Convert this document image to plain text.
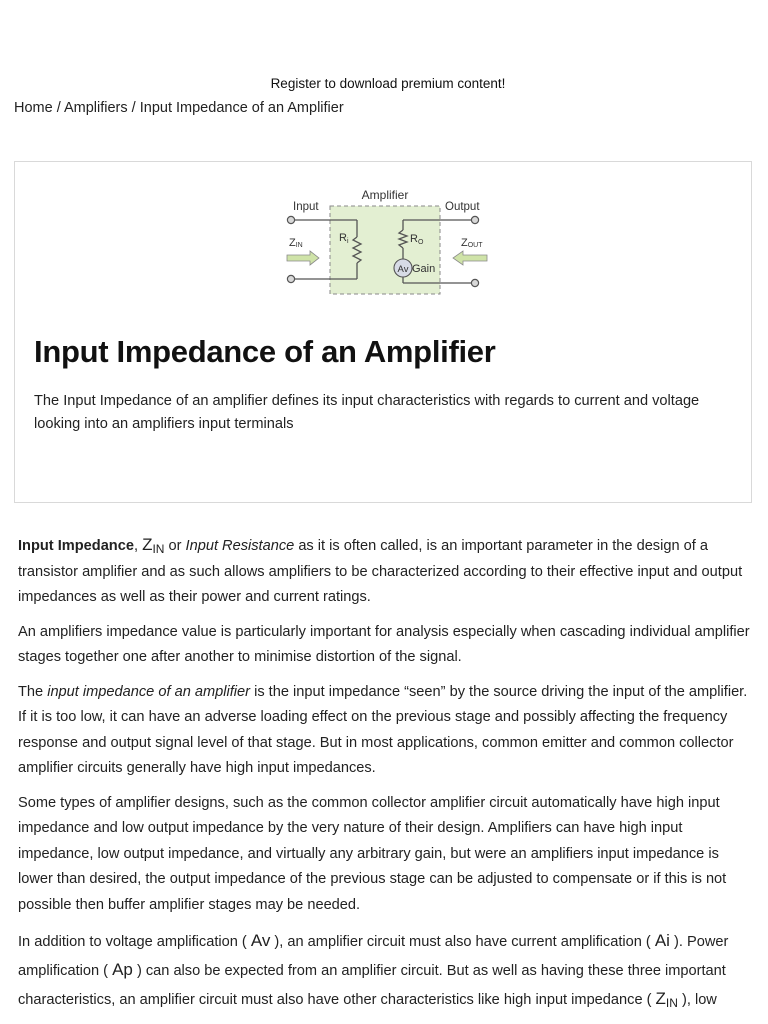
Register to download premium content!
Home / Amplifiers / Input Impedance of an Amplifier
Amplifier
Input	Output
Ri
ZIN
Av Gain
RO	ZOUT
Input Impedance of an Amplifier

The Input Impedance of an amplifier defines its input characteristics with regards to current and voltage looking into an amplifiers input terminals

Input Impedance, $Z_{IN}$ or Input Resistance as it is often called, is an important parameter in the design of a transistor amplifier and as such allows amplifiers to be characterized according to their effective input and output impedances as well as their power and current ratings.

An amplifiers impedance value is particularly important for analysis especially when cascading individual amplifier stages together one after another to minimise distortion of the signal.

The input impedance of an amplifier is the input impedance “seen” by the source driving the input of the amplifier. If it is too low, it can have an adverse loading effect on the previous stage and possibly affecting the frequency response and output signal level of that stage. But in most applications, common emitter and common collector amplifier circuits generally have high input impedances.

Some types of amplifier designs, such as the common collector amplifier circuit automatically have high input impedance and low output impedance by the very nature of their design. Amplifiers can have high input impedance, low output impedance, and virtually any arbitrary gain, but were an amplifiers input impedance is lower than desired, the output impedance of the previous stage can be adjusted to compensate or if this is not possible then buffer amplifier stages may be needed.

In addition to voltage amplification ( Av ), an amplifier circuit must also have current amplification ( Ai ). Power amplification ( Ap ) can also be expected from an amplifier circuit. But as well as having these three important characteristics, an amplifier circuit must also have other characteristics like high input impedance ( $Z_{IN}$ ), low
